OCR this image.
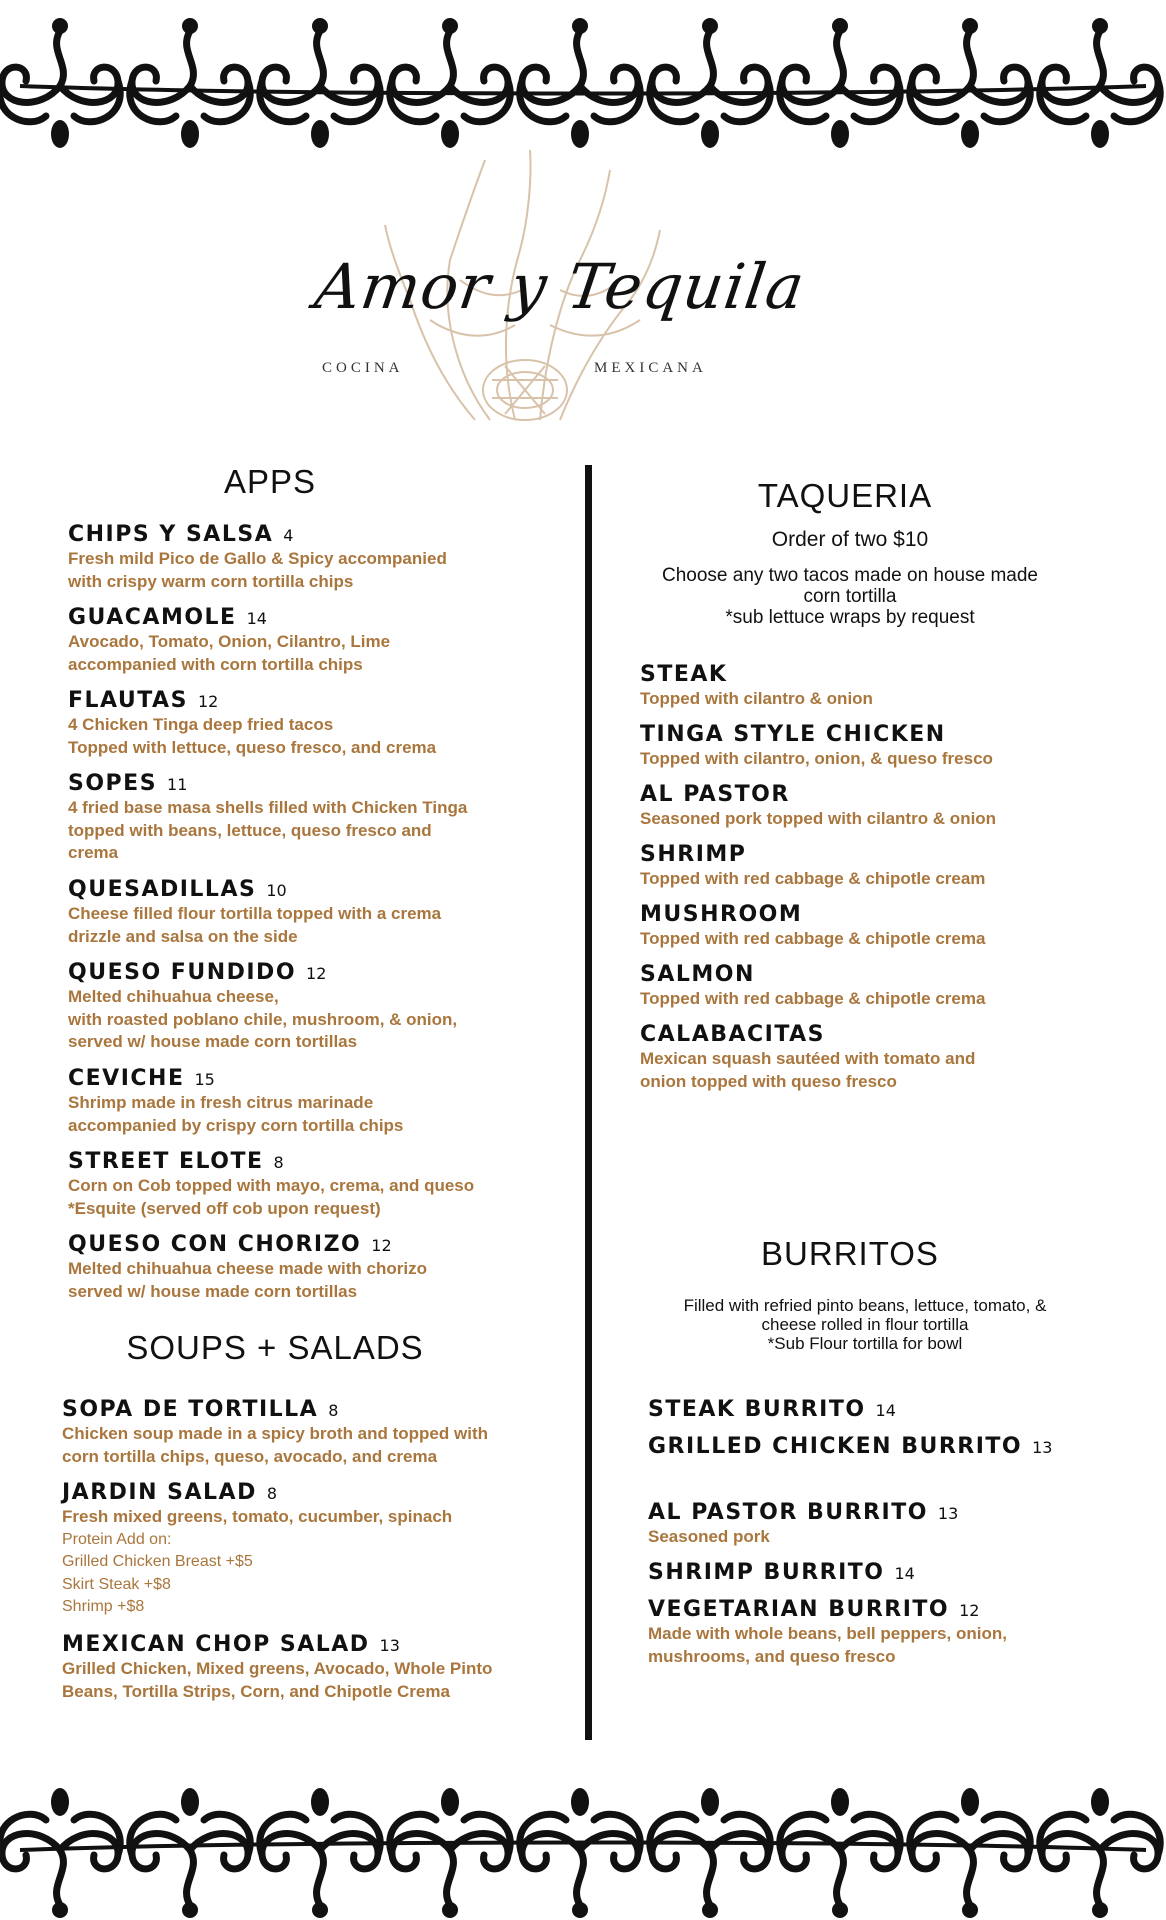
Amor y Tequila
COCINA	MEXICANA
APPS
SOUPS + SALADS
TAQUERIA
BURRITOS
Order of two $10
Choose any two tacos made on house made
corn tortilla
*sub lettuce wraps by request
Filled with refried pinto beans, lettuce, tomato, &
cheese rolled in flour tortilla
*Sub Flour tortilla for bowl
CHIPS Y SALSA 4
Fresh mild Pico de Gallo & Spicy accompanied
with crispy warm corn tortilla chips
GUACAMOLE 14
Avocado, Tomato, Onion, Cilantro, Lime
accompanied with corn tortilla chips
FLAUTAS 12
4 Chicken Tinga deep fried tacos
Topped with lettuce, queso fresco, and crema
SOPES 11
4 fried base masa shells filled with Chicken Tinga
topped with beans, lettuce, queso fresco and
crema
QUESADILLAS 10
Cheese filled flour tortilla topped with a crema
drizzle and salsa on the side
QUESO FUNDIDO 12
Melted chihuahua cheese,
with roasted poblano chile, mushroom, & onion,
served w/ house made corn tortillas
CEVICHE 15
Shrimp made in fresh citrus marinade
accompanied by crispy corn tortilla chips
STREET ELOTE 8
Corn on Cob topped with mayo, crema, and queso
*Esquite (served off cob upon request)
QUESO CON CHORIZO 12
Melted chihuahua cheese made with chorizo
served w/ house made corn tortillas
SOPA DE TORTILLA 8
Chicken soup made in a spicy broth and topped with
corn tortilla chips, queso, avocado, and crema
JARDIN SALAD 8
Fresh mixed greens, tomato, cucumber, spinach
Protein Add on:
Grilled Chicken Breast +$5
Skirt Steak +$8
Shrimp +$8
MEXICAN CHOP SALAD 13
Grilled Chicken, Mixed greens, Avocado, Whole Pinto
Beans, Tortilla Strips, Corn, and Chipotle Crema
STEAK
Topped with cilantro & onion
TINGA STYLE CHICKEN
Topped with cilantro, onion, & queso fresco
AL PASTOR
Seasoned pork topped with cilantro & onion
SHRIMP
Topped with red cabbage & chipotle cream
MUSHROOM
Topped with red cabbage & chipotle crema
SALMON
Topped with red cabbage & chipotle crema
CALABACITAS
Mexican squash sautéed with tomato and
onion topped with queso fresco
STEAK BURRITO 14
GRILLED CHICKEN BURRITO 13
AL PASTOR BURRITO 13
Seasoned pork
SHRIMP BURRITO 14
VEGETARIAN BURRITO 12
Made with whole beans, bell peppers, onion,
mushrooms, and queso fresco
